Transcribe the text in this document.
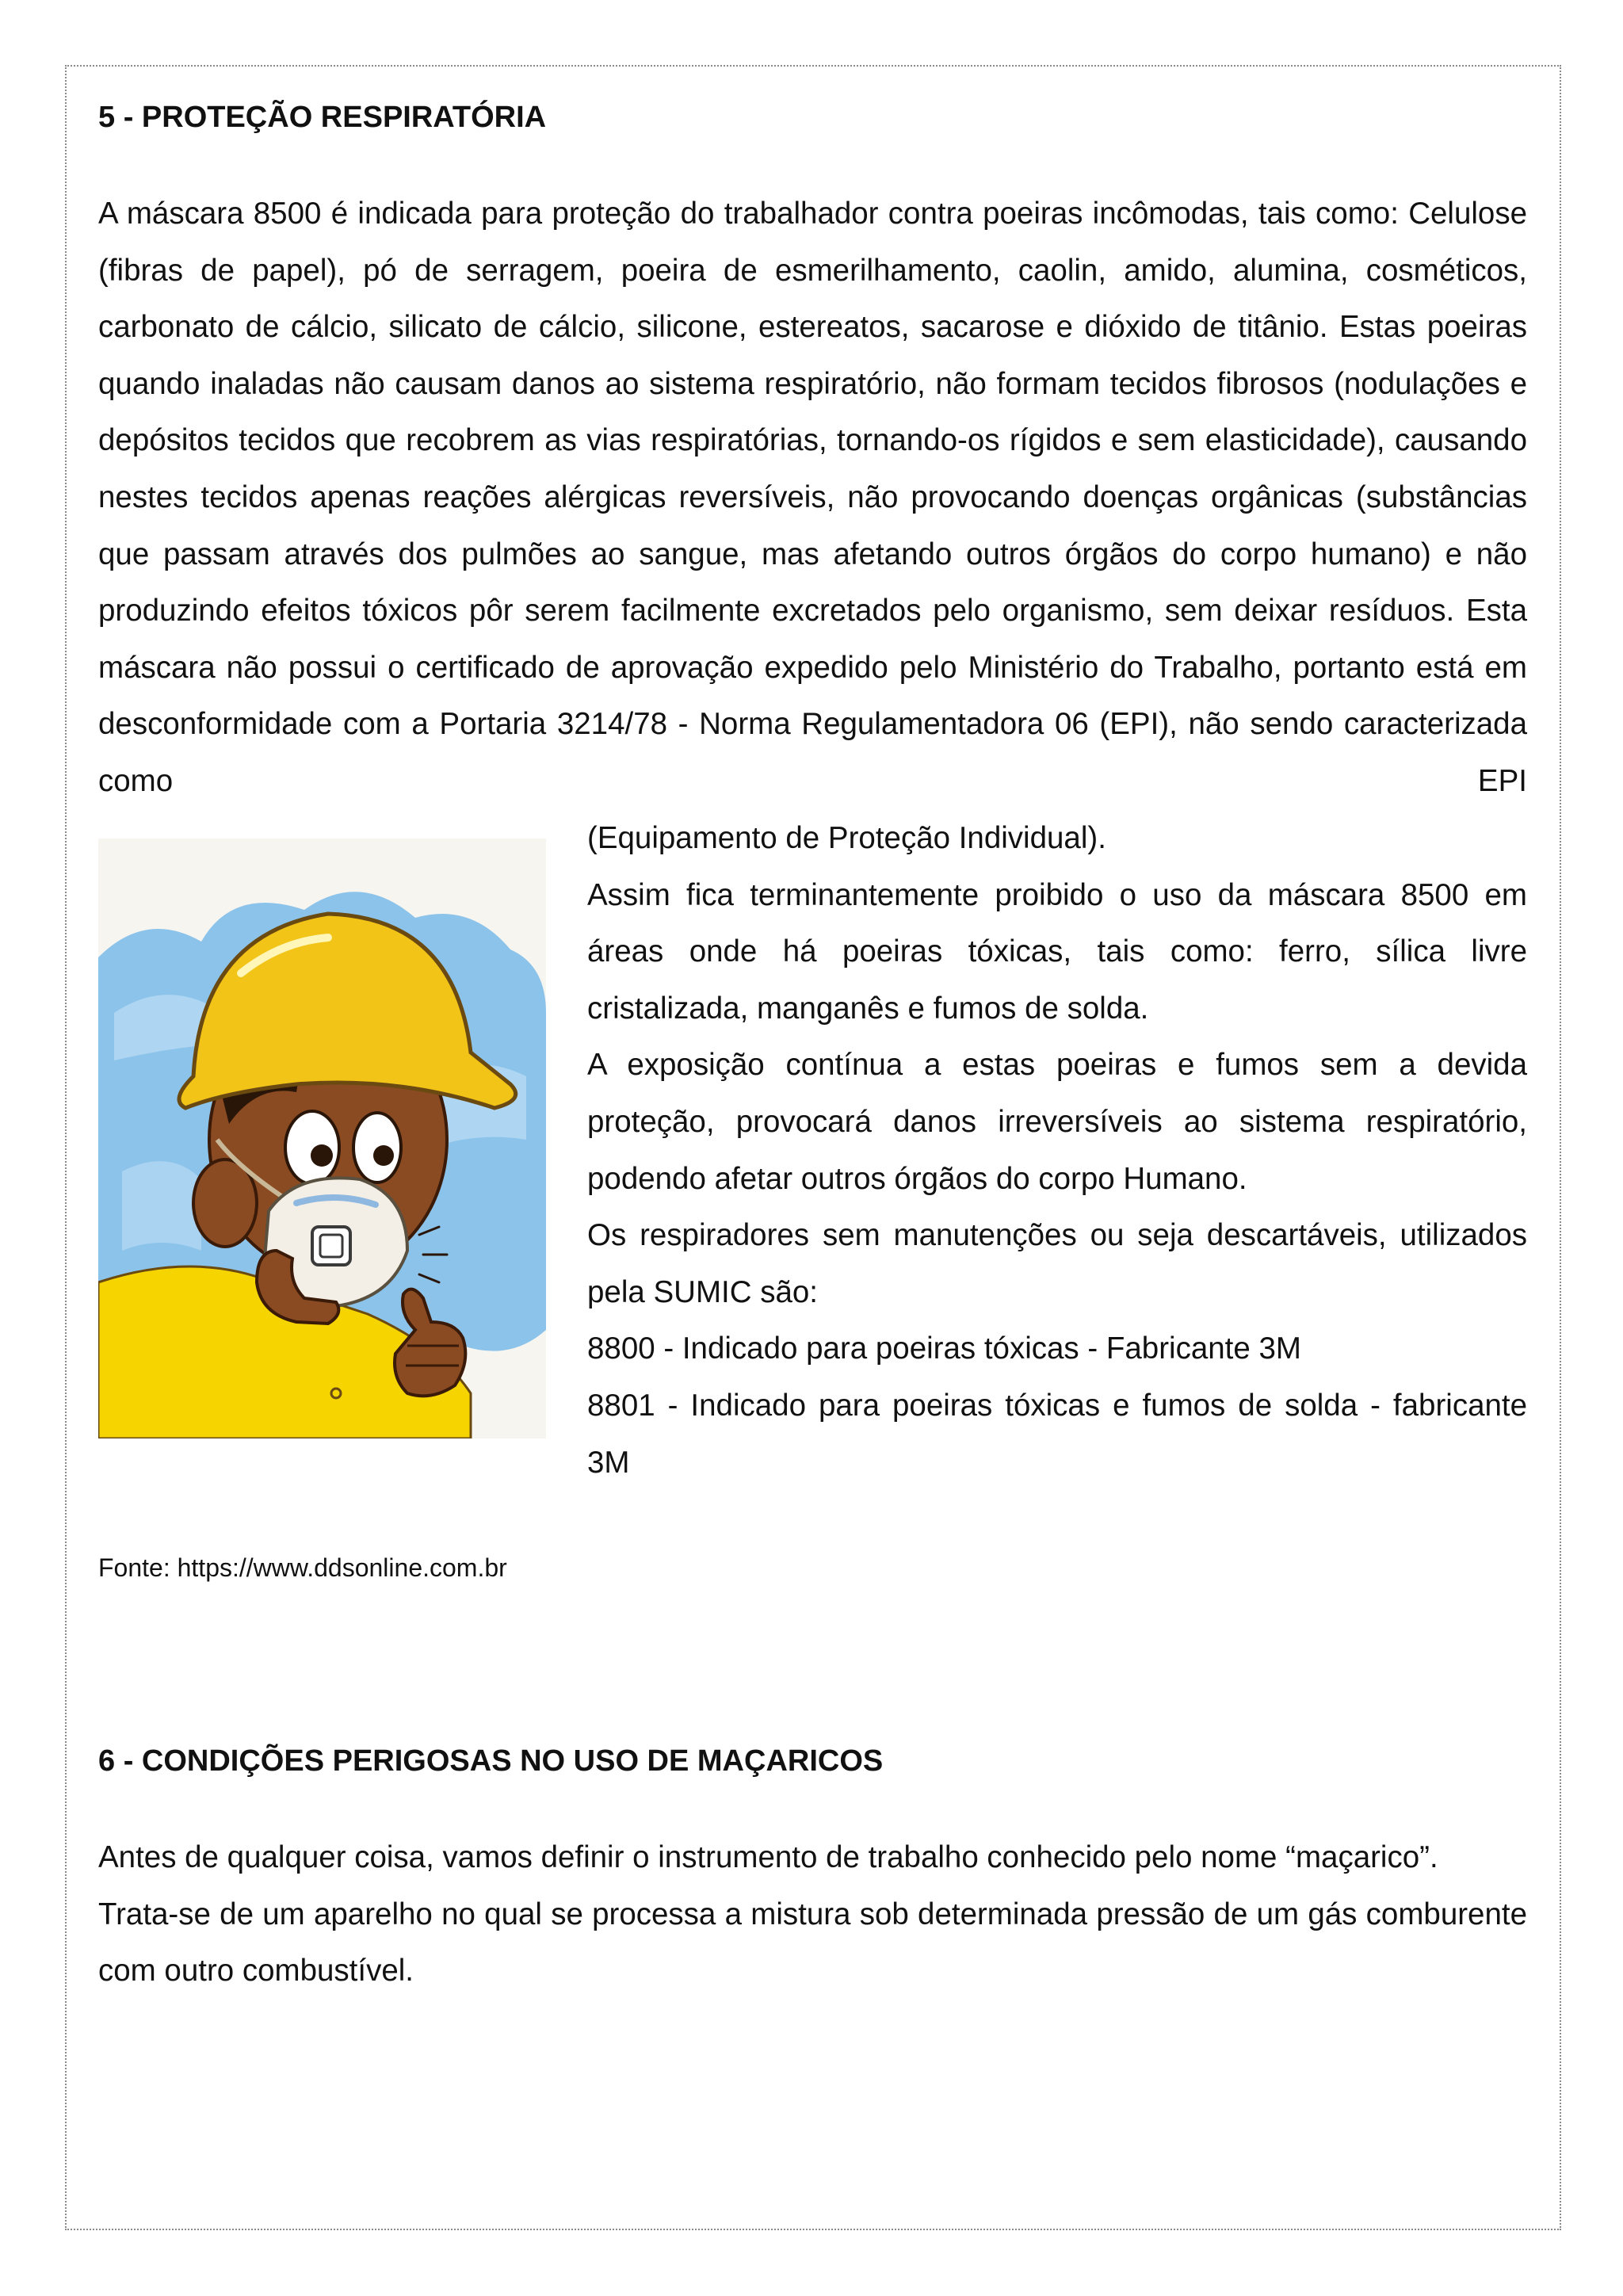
5 - PROTEÇÃO RESPIRATÓRIA

A máscara 8500 é indicada para proteção do trabalhador contra poeiras incômodas, tais como: Celulose (fibras de papel), pó de serragem, poeira de esmerilhamento, caolin, amido, alumina, cosméticos, carbonato de cálcio, silicato de cálcio, silicone, estereatos, sacarose e dióxido de titânio. Estas poeiras quando inaladas não causam danos ao sistema respiratório, não formam tecidos fibrosos (nodulações e depósitos tecidos que recobrem as vias respiratórias, tornando-os rígidos e sem elasticidade), causando nestes tecidos apenas reações alérgicas reversíveis, não provocando doenças orgânicas (substâncias que passam através dos pulmões ao sangue, mas afetando outros órgãos do corpo humano) e não produzindo efeitos tóxicos pôr serem facilmente excretados pelo organismo, sem deixar resíduos. Esta máscara não possui o certificado de aprovação expedido pelo Ministério do Trabalho, portanto está em desconformidade com a Portaria 3214/78 - Norma Regulamentadora 06 (EPI), não sendo caracterizada como EPI

(Equipamento de Proteção Individual).

Assim fica terminantemente proibido o uso da máscara 8500 em áreas onde há poeiras tóxicas, tais como: ferro, sílica livre cristalizada, manganês e fumos de solda.

A exposição contínua a estas poeiras e fumos sem a devida proteção, provocará danos irreversíveis ao sistema respiratório, podendo afetar outros órgãos do corpo Humano.

Os respiradores sem manutenções ou seja descartáveis, utilizados pela SUMIC são:

8800 - Indicado para poeiras tóxicas - Fabricante 3M

8801 - Indicado para poeiras tóxicas e fumos de solda - fabricante 3M

Fonte: https://www.ddsonline.com.br
6 - CONDIÇÕES PERIGOSAS NO USO DE MAÇARICOS

Antes de qualquer coisa, vamos definir o instrumento de trabalho conhecido pelo nome “maçarico”.

Trata-se de um aparelho no qual se processa a mistura sob determinada pressão de um gás comburente com outro combustível.
